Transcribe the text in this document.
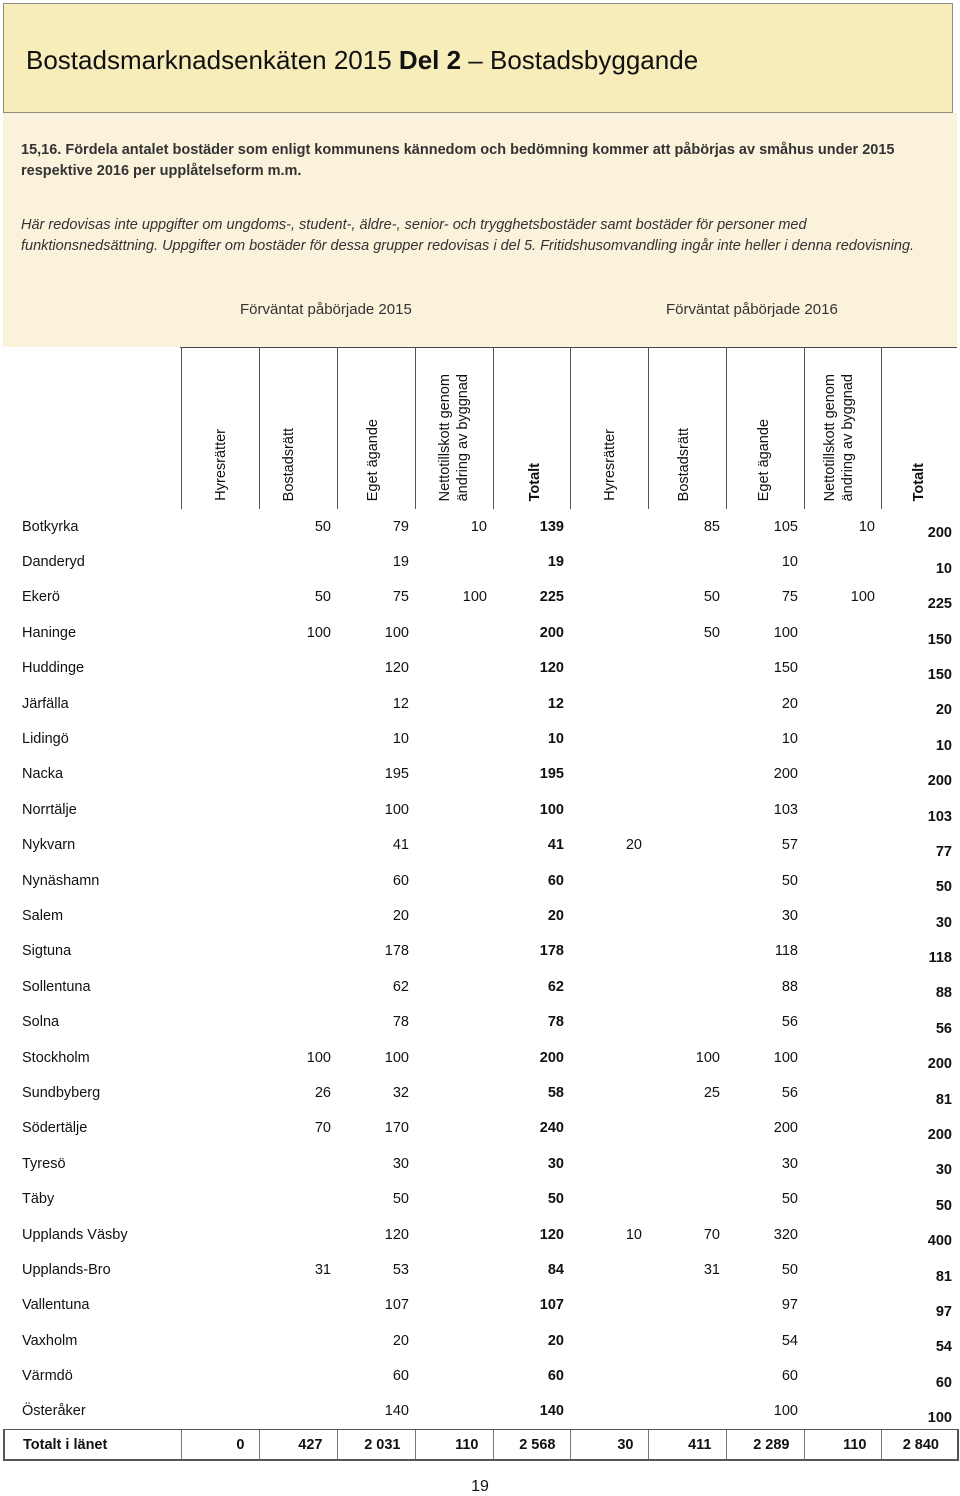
Bostadsmarknadsenkäten 2015 Del 2 – Bostadsbyggande

15,16. Fördela antalet bostäder som enligt kommunens kännedom och bedömning kommer att påbörjas av småhus under 2015 respektive 2016 per upplåtelseform m.m.

Här redovisas inte uppgifter om ungdoms-, student-, äldre-, senior- och trygghetsbostäder samt bostäder för personer med funktionsnedsättning. Uppgifter om bostäder för dessa grupper redovisas i del 5. Fritidshusomvandling ingår inte heller i denna redovisning.

Förväntat påbörjade 2015	Förväntat påbörjade 2016
	Hyresrätter	Bostadsrätt	Eget ägande	Nettotillskott genom ändring av byggnad	Totalt	Hyresrätter	Bostadsrätt	Eget ägande	Nettotillskott genom ändring av byggnad	Totalt
Botkyrka		50	79	10	139		85	105	10	200
Danderyd			19		19			10		10
Ekerö		50	75	100	225		50	75	100	225
Haninge		100	100		200		50	100		150
Huddinge			120		120			150		150
Järfälla			12		12			20		20
Lidingö			10		10			10		10
Nacka			195		195			200		200
Norrtälje			100		100			103		103
Nykvarn			41		41	20		57		77
Nynäshamn			60		60			50		50
Salem			20		20			30		30
Sigtuna			178		178			118		118
Sollentuna			62		62			88		88
Solna			78		78			56		56
Stockholm		100	100		200		100	100		200
Sundbyberg		26	32		58		25	56		81
Södertälje		70	170		240			200		200
Tyresö			30		30			30		30
Täby			50		50			50		50
Upplands Väsby			120		120	10	70	320		400
Upplands-Bro		31	53		84		31	50		81
Vallentuna			107		107			97		97
Vaxholm			20		20			54		54
Värmdö			60		60			60		60
Österåker			140		140			100		100
Totalt i länet	0	427	2 031	110	2 568	30	411	2 289	110	2 840
19
